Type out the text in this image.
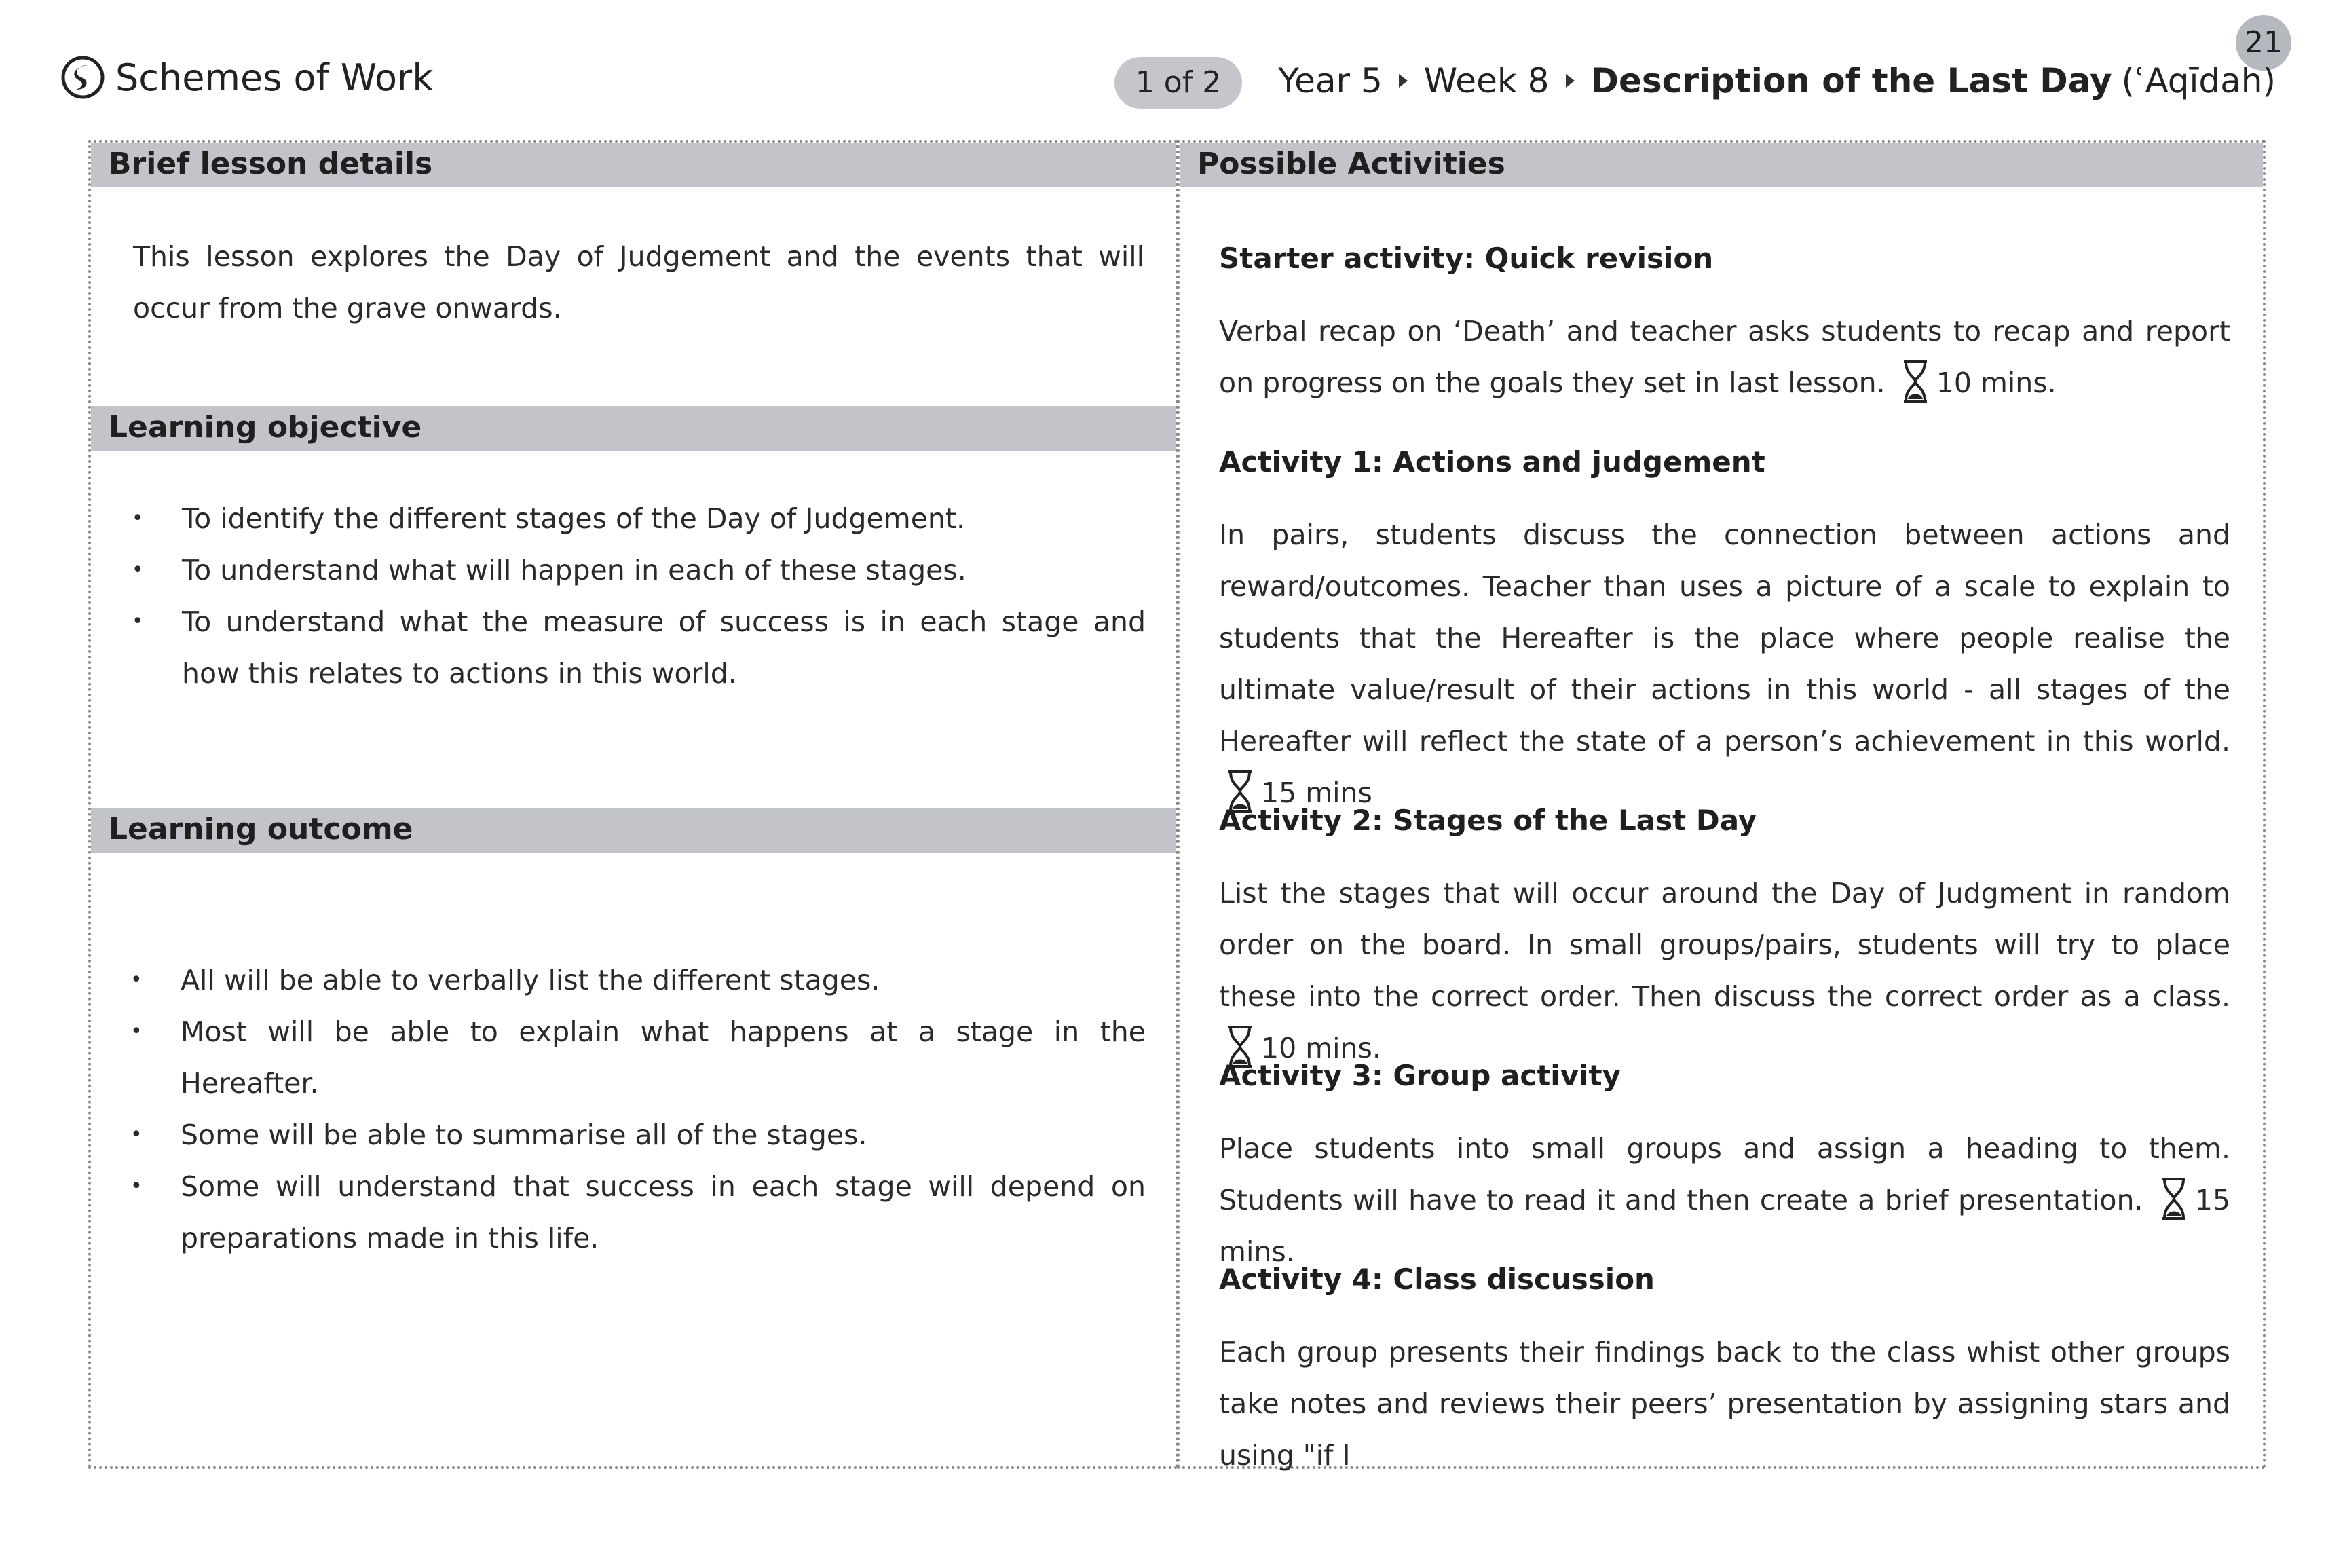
21
Schemes of Work	1 of 2	Year 5 Week 8 Description of the Last Day (ʿAqīdah)
Brief lesson details

This lesson explores the Day of Judgement and the events that will occur from the grave onwards.

Learning objective
• To identify the different stages of the Day of Judgement.
• To understand what will happen in each of these stages.
• To understand what the measure of success is in each stage and how this relates to actions in this world.
Learning outcome
• All will be able to verbally list the different stages.
• Most will be able to explain what happens at a stage in the Hereafter.
• Some will be able to summarise all of the stages.
• Some will understand that success in each stage will depend on preparations made in this life.
Possible Activities
Starter activity: Quick revision

Verbal recap on ‘Death’ and teacher asks students to recap and report on progress on the goals they set in last lesson. 10 mins.

Activity 1: Actions and judgement

In pairs, students discuss the connection between actions and reward/outcomes. Teacher than uses a picture of a scale to explain to students that the Hereafter is the place where people realise the ultimate value/result of their actions in this world - all stages of the Hereafter will reflect the state of a person’s achievement in this world. 15 mins

Activity 2: Stages of the Last Day

List the stages that will occur around the Day of Judgment in random order on the board. In small groups/pairs, students will try to place these into the correct order. Then discuss the correct order as a class. 10 mins.

Activity 3: Group activity

Place students into small groups and assign a heading to them. Students will have to read it and then create a brief presentation. 15 mins.

Activity 4: Class discussion

Each group presents their findings back to the class whist other groups take notes and reviews their peers’ presentation by assigning stars and using "if I
